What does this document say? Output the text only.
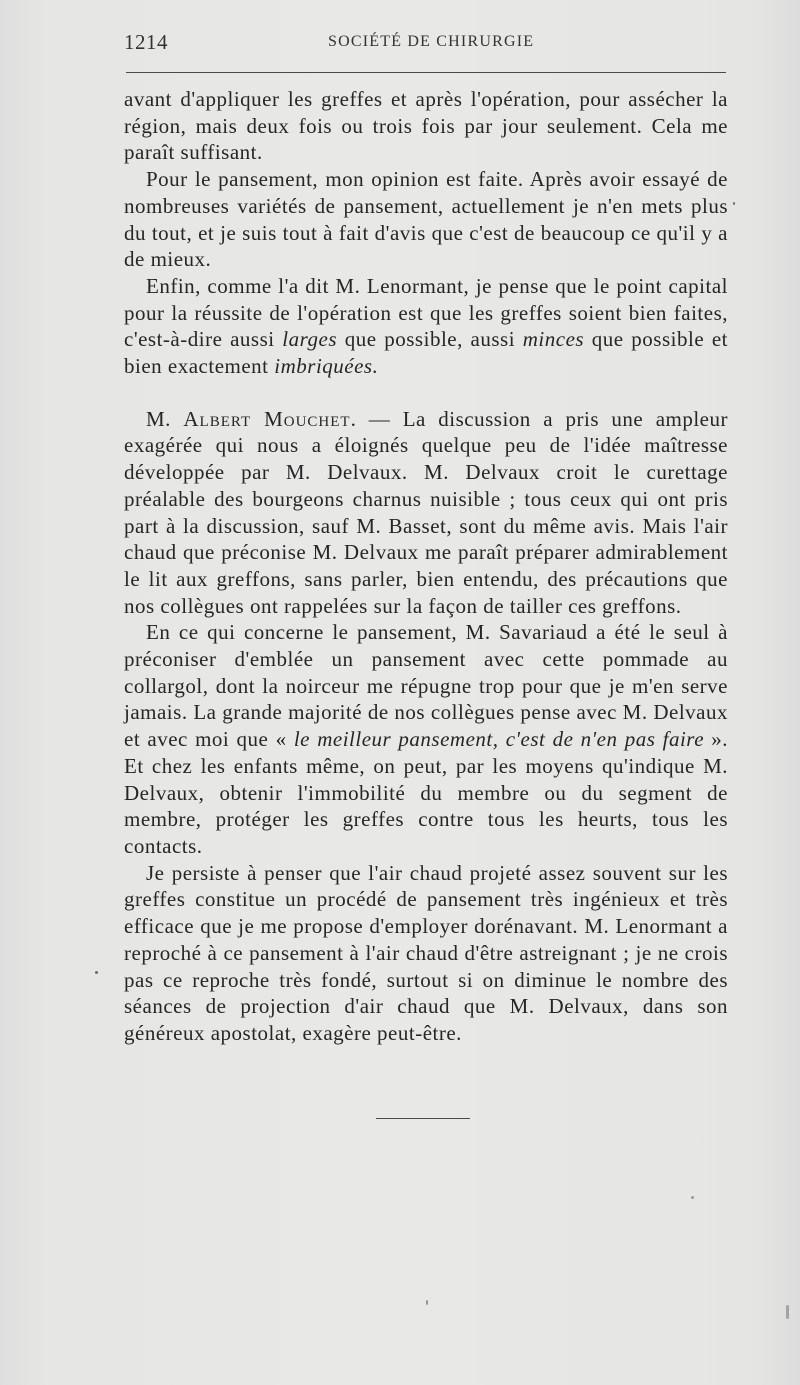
1214	SOCIÉTÉ DE CHIRURGIE

avant d'appliquer les greffes et après l'opération, pour assécher la région, mais deux fois ou trois fois par jour seulement. Cela me paraît suffisant.

Pour le pansement, mon opinion est faite. Après avoir essayé de nombreuses variétés de pansement, actuellement je n'en mets plus du tout, et je suis tout à fait d'avis que c'est de beaucoup ce qu'il y a de mieux.

Enfin, comme l'a dit M. Lenormant, je pense que le point capital pour la réussite de l'opération est que les greffes soient bien faites, c'est-à-dire aussi larges que possible, aussi minces que possible et bien exactement imbriquées.

M. Albert Mouchet. — La discussion a pris une ampleur exagérée qui nous a éloignés quelque peu de l'idée maîtresse développée par M. Delvaux. M. Delvaux croit le curettage préalable des bourgeons charnus nuisible ; tous ceux qui ont pris part à la discussion, sauf M. Basset, sont du même avis. Mais l'air chaud que préconise M. Delvaux me paraît préparer admirablement le lit aux greffons, sans parler, bien entendu, des précautions que nos collègues ont rappelées sur la façon de tailler ces greffons.

En ce qui concerne le pansement, M. Savariaud a été le seul à préconiser d'emblée un pansement avec cette pommade au collargol, dont la noirceur me répugne trop pour que je m'en serve jamais. La grande majorité de nos collègues pense avec M. Delvaux et avec moi que « le meilleur pansement, c'est de n'en pas faire ». Et chez les enfants même, on peut, par les moyens qu'indique M. Delvaux, obtenir l'immobilité du membre ou du segment de membre, protéger les greffes contre tous les heurts, tous les contacts.

Je persiste à penser que l'air chaud projeté assez souvent sur les greffes constitue un procédé de pansement très ingénieux et très efficace que je me propose d'employer dorénavant. M. Lenormant a reproché à ce pansement à l'air chaud d'être astreignant ; je ne crois pas ce reproche très fondé, surtout si on diminue le nombre des séances de projection d'air chaud que M. Delvaux, dans son généreux apostolat, exagère peut-être.
